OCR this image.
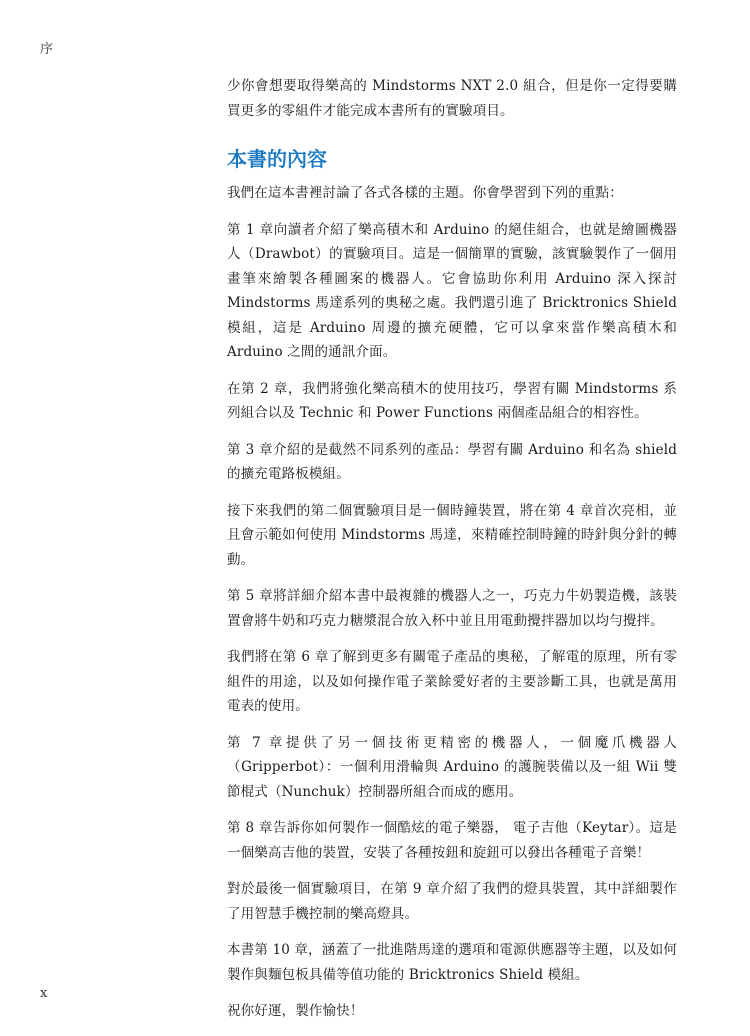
序

少你會想要取得樂高的 Mindstorms NXT 2.0 組合，但是你一定得要購買更多的零組件才能完成本書所有的實驗項目。

本書的內容

我們在這本書裡討論了各式各樣的主題。你會學習到下列的重點：

第 1 章向讀者介紹了樂高積木和 Arduino 的絕佳組合，也就是繪圖機器人（Drawbot）的實驗項目。這是一個簡單的實驗，該實驗製作了一個用畫筆來繪製各種圖案的機器人。它會協助你利用 Arduino 深入探討 Mindstorms 馬達系列的奧秘之處。我們還引進了 Bricktronics Shield 模組，這是 Arduino 周邊的擴充硬體，它可以拿來當作樂高積木和 Arduino 之間的通訊介面。

在第 2 章，我們將強化樂高積木的使用技巧，學習有關 Mindstorms 系列組合以及 Technic 和 Power Functions 兩個產品組合的相容性。

第 3 章介紹的是截然不同系列的產品：學習有關 Arduino 和名為 shield 的擴充電路板模組。

接下來我們的第二個實驗項目是一個時鐘裝置，將在第 4 章首次亮相，並且會示範如何使用 Mindstorms 馬達，來精確控制時鐘的時針與分針的轉動。

第 5 章將詳細介紹本書中最複雜的機器人之一，巧克力牛奶製造機，該裝置會將牛奶和巧克力糖漿混合放入杯中並且用電動攪拌器加以均勻攪拌。

我們將在第 6 章了解到更多有關電子產品的奧秘，了解電的原理，所有零組件的用途，以及如何操作電子業餘愛好者的主要診斷工具，也就是萬用電表的使用。

第 7 章提供了另一個技術更精密的機器人，一個魔爪機器人（Gripperbot）：一個利用滑輪與 Arduino 的護腕裝備以及一組 Wii 雙節棍式（Nunchuk）控制器所組合而成的應用。

第 8 章告訴你如何製作一個酷炫的電子樂器， 電子吉他（Keytar）。這是一個樂高吉他的裝置，安裝了各種按鈕和旋鈕可以發出各種電子音樂！

對於最後一個實驗項目，在第 9 章介紹了我們的燈具裝置，其中詳細製作了用智慧手機控制的樂高燈具。

本書第 10 章，涵蓋了一批進階馬達的選項和電源供應器等主題，以及如何製作與麵包板具備等值功能的 Bricktronics Shield 模組。

祝你好運，製作愉快！

x
